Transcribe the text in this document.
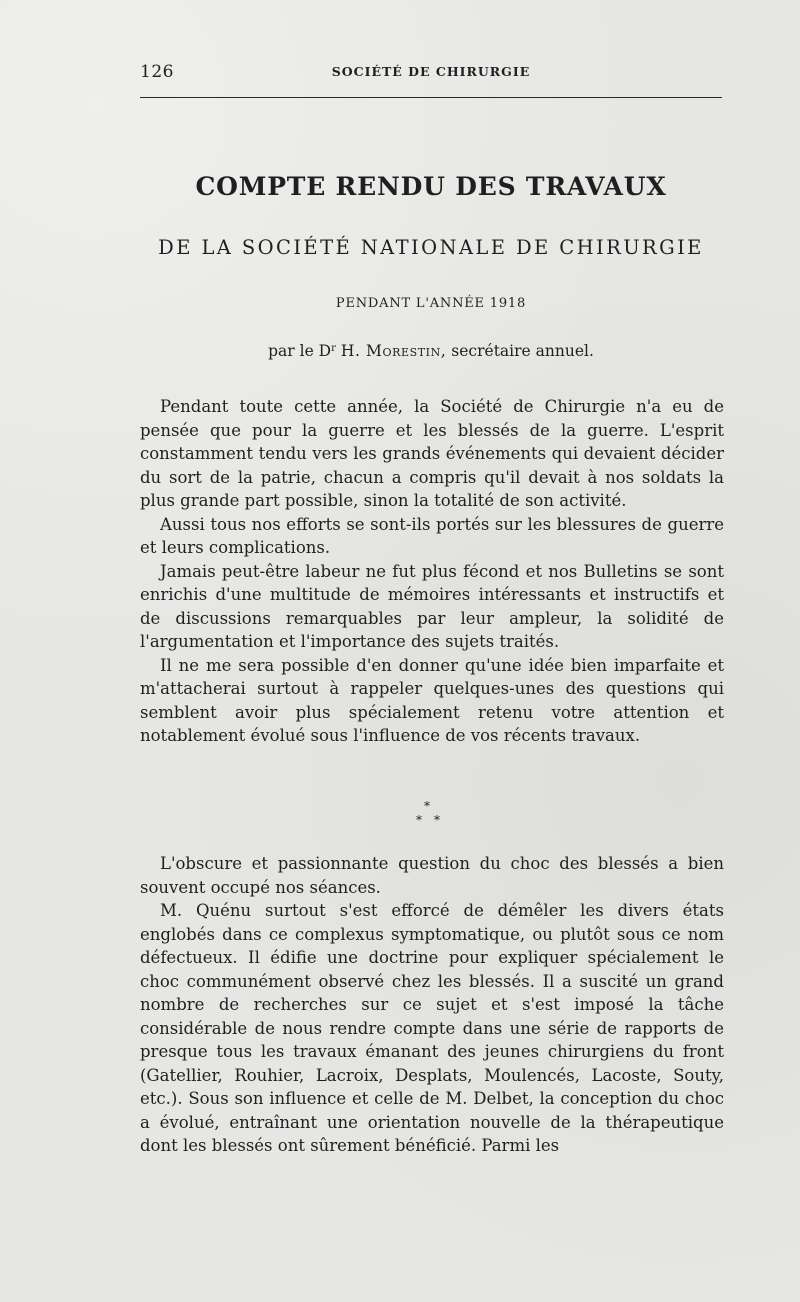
126	SOCIÉTÉ DE CHIRURGIE
COMPTE RENDU DES TRAVAUX
DE LA SOCIÉTÉ NATIONALE DE CHIRURGIE
PENDANT L'ANNÉE 1918
par le $D^r$ H. Morestin, secrétaire annuel.

Pendant toute cette année, la Société de Chirurgie n'a eu de pensée que pour la guerre et les blessés de la guerre. L'esprit constamment tendu vers les grands événements qui devaient décider du sort de la patrie, chacun a compris qu'il devait à nos soldats la plus grande part possible, sinon la totalité de son activité.

Aussi tous nos efforts se sont-ils portés sur les blessures de guerre et leurs complications.

Jamais peut-être labeur ne fut plus fécond et nos Bulletins se sont enrichis d'une multitude de mémoires intéressants et instructifs et de discussions remarquables par leur ampleur, la solidité de l'argumentation et l'importance des sujets traités.

Il ne me sera possible d'en donner qu'une idée bien imparfaite et m'attacherai surtout à rappeler quelques-unes des questions qui semblent avoir plus spécialement retenu votre attention et notablement évolué sous l'influence de vos récents travaux.

*
* *

L'obscure et passionnante question du choc des blessés a bien souvent occupé nos séances.

M. Quénu surtout s'est efforcé de démêler les divers états englobés dans ce complexus symptomatique, ou plutôt sous ce nom défectueux. Il édifie une doctrine pour expliquer spécialement le choc communément observé chez les blessés. Il a suscité un grand nombre de recherches sur ce sujet et s'est imposé la tâche considérable de nous rendre compte dans une série de rapports de presque tous les travaux émanant des jeunes chirurgiens du front (Gatellier, Rouhier, Lacroix, Desplats, Moulencés, Lacoste, Souty, etc.). Sous son influence et celle de M. Delbet, la conception du choc a évolué, entraînant une orientation nouvelle de la thérapeutique dont les blessés ont sûrement bénéficié. Parmi les
